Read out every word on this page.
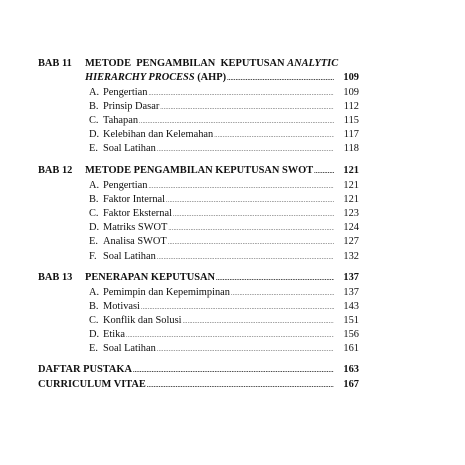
BAB 11 METODE  PENGAMBILAN  KEPUTUSAN ANALYTIC
HIERARCHY PROCESS (AHP) .....	109
A. Pengertian .....	109
B. Prinsip Dasar .....	112
C. Tahapan .....	115
D. Kelebihan dan Kelemahan .....	117
E. Soal Latihan .....	118
BAB 12 METODE PENGAMBILAN KEPUTUSAN SWOT .....	121
A. Pengertian .....	121
B. Faktor Internal .....	121
C. Faktor Eksternal .....	123
D. Matriks SWOT .....	124
E. Analisa SWOT .....	127
F. Soal Latihan .....	132
BAB 13 PENERAPAN KEPUTUSAN .....	137
A. Pemimpin dan Kepemimpinan .....	137
B. Motivasi .....	143
C. Konflik dan Solusi .....	151
D. Etika .....	156
E. Soal Latihan .....	161
DAFTAR PUSTAKA .....	163
CURRICULUM VITAE .....	167
